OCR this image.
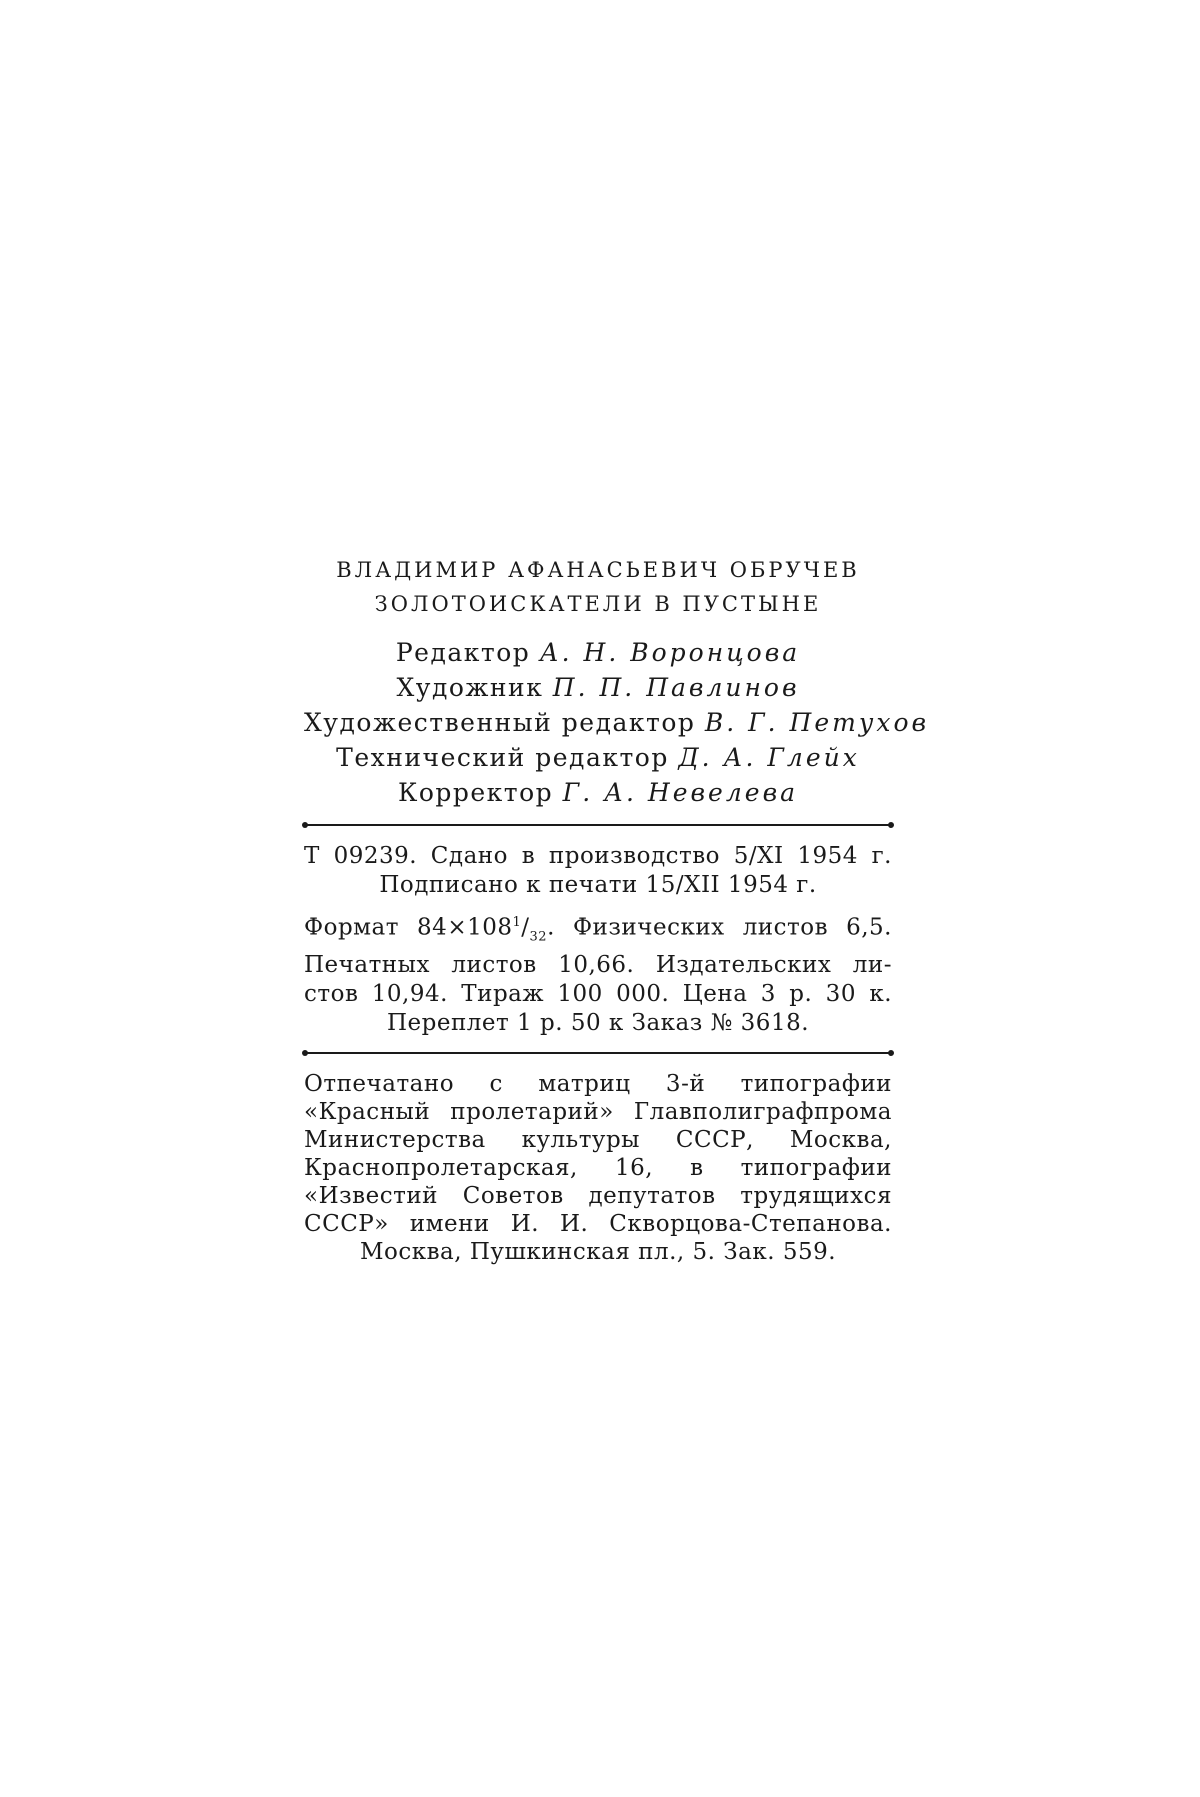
ВЛАДИМИР АФАНАСЬЕВИЧ ОБРУЧЕВ
ЗОЛОТОИСКАТЕЛИ В ПУСТЫНЕ
Редактор А. Н. Воронцова
Художник П. П. Павлинов
Художественный редактор В. Г. Петухов
Технический редактор Д. А. Глейх
Корректор Г. А. Невелева
Т 09239. Сдано в производство 5/XI 1954 г.
Подписано к печати 15/XII 1954 г.
Формат $84\times 108^1/_{32}$. Физических листов 6,5.
Печатных листов 10,66. Издательских ли-
стов 10,94. Тираж 100 000. Цена 3 р. 30 к.
Переплет 1 р. 50 к Заказ № 3618.
Отпечатано с матриц 3-й типографии
«Красный пролетарий» Главполиграфпрома
Министерства культуры СССР, Москва,
Краснопролетарская, 16, в типографии
«Известий Советов депутатов трудящихся
СССР» имени И. И. Скворцова-Степанова.
Москва, Пушкинская пл., 5. Зак. 559.
